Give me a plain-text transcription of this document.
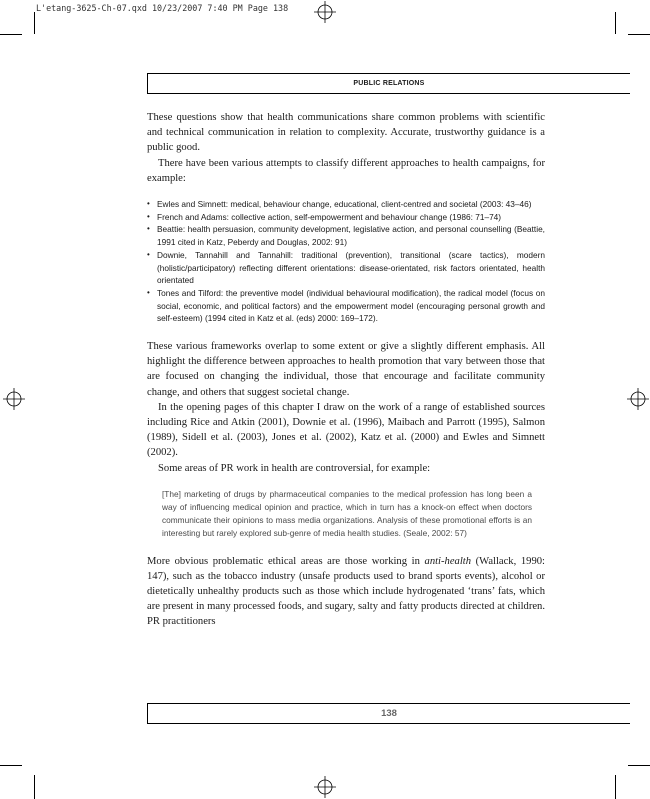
L'etang-3625-Ch-07.qxd 10/23/2007 7:40 PM Page 138
PUBLIC RELATIONS

These questions show that health communications share common problems with scientific and technical communication in relation to complexity. Accurate, trustworthy guidance is a public good.

There have been various attempts to classify different approaches to health campaigns, for example:

• Ewles and Simnett: medical, behaviour change, educational, client-centred and societal (2003: 43–46)
• French and Adams: collective action, self-empowerment and behaviour change (1986: 71–74)
• Beattie: health persuasion, community development, legislative action, and personal counselling (Beattie, 1991 cited in Katz, Peberdy and Douglas, 2002: 91)
• Downie, Tannahill and Tannahill: traditional (prevention), transitional (scare tactics), modern (holistic/participatory) reflecting different orientations: disease-orientated, risk factors orientated, health orientated
• Tones and Tilford: the preventive model (individual behavioural modification), the radical model (focus on social, economic, and political factors) and the empowerment model (encouraging personal growth and self-esteem) (1994 cited in Katz et al. (eds) 2000: 169–172).

These various frameworks overlap to some extent or give a slightly different emphasis. All highlight the difference between approaches to health promotion that vary between those that are focused on changing the individual, those that encourage and facilitate community change, and others that suggest societal change.

In the opening pages of this chapter I draw on the work of a range of established sources including Rice and Atkin (2001), Downie et al. (1996), Maibach and Parrott (1995), Salmon (1989), Sidell et al. (2003), Jones et al. (2002), Katz et al. (2000) and Ewles and Simnett (2002).

Some areas of PR work in health are controversial, for example:

[The] marketing of drugs by pharmaceutical companies to the medical profession has long been a way of influencing medical opinion and practice, which in turn has a knock-on effect when doctors communicate their opinions to mass media organizations. Analysis of these promotional efforts is an interesting but rarely explored sub-genre of media health studies. (Seale, 2002: 57)

More obvious problematic ethical areas are those working in anti-health (Wallack, 1990: 147), such as the tobacco industry (unsafe products used to brand sports events), alcohol or dietetically unhealthy products such as those which include hydrogenated ‘trans’ fats, which are present in many processed foods, and sugary, salty and fatty products directed at children. PR practitioners

138
